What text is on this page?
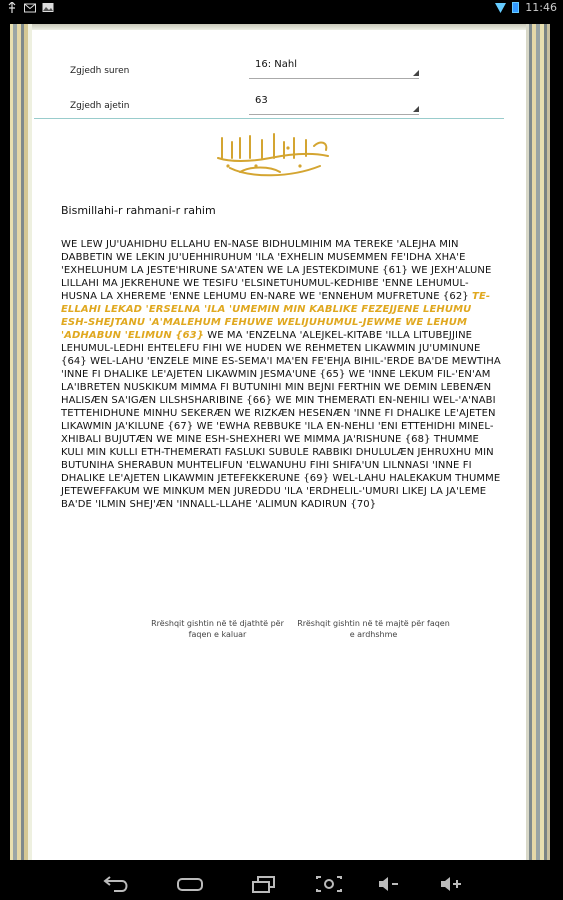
11:46
Zgjedh suren
16: Nahl
Zgjedh ajetin	63
Bismillahi-r rahmani-r rahim
WE LEW JU'UAHIDHU ELLAHU EN-NASE BIDHULMIHIM MA TEREKE 'ALEJHA MIN DABBETIN WE LEKIN JU'UEHHIRUHUM 'ILA 'EXHELIN MUSEMMEN FE'IDHA XHA'E 'EXHELUHUM LA JESTE'HIRUNE SA'ATEN WE LA JESTEKDIMUNE {61} WE JEXH'ALUNE LILLAHI MA JEKREHUNE WE TESIFU 'ELSINETUHUMUL-KEDHIBE 'ENNE LEHUMUL-HUSNA LA XHEREME 'ENNE LEHUMU EN-NARE WE 'ENNEHUM MUFRETUNE {62} TE-ELLAHI LEKAD 'ERSELNA 'ILA 'UMEMIN MIN KABLIKE FEZEJJENE LEHUMU ESH-SHEJTANU 'A'MALEHUM FEHUWE WELIJUHUMUL-JEWME WE LEHUM 'ADHABUN 'ELIMUN {63} WE MA 'ENZELNA 'ALEJKEL-KITABE 'ILLA LITUBEJJINE LEHUMUL-LEDHI EHTELEFU FIHI WE HUDEN WE REHMETEN LIKAWMIN JU'UMINUNE {64} WEL-LAHU 'ENZELE MINE ES-SEMA'I MA'EN FE'EHJA BIHIL-'ERDE BA'DE MEWTIHA 'INNE FI DHALIKE LE'AJETEN LIKAWMIN JESMA'UNE {65} WE 'INNE LEKUM FIL-'EN'AM LA'IBRETEN NUSKIKUM MIMMA FI BUTUNIHI MIN BEJNI FERTHIN WE DEMIN LEBENÆN HALISÆN SA'IGÆN LILSHSHARIBINE {66} WE MIN THEMERATI EN-NEHILI WEL-'A'NABI TETTEHIDHUNE MINHU SEKERÆN WE RIZKÆN HESENÆN 'INNE FI DHALIKE LE'AJETEN LIKAWMIN JA'KILUNE {67} WE 'EWHA REBBUKE 'ILA EN-NEHLI 'ENI ETTEHIDHI MINEL-XHIBALI BUJUTÆN WE MINE ESH-SHEXHERI WE MIMMA JA'RISHUNE {68} THUMME KULI MIN KULLI ETH-THEMERATI FASLUKI SUBULE RABBIKI DHULULÆN JEHRUXHU MIN BUTUNIHA SHERABUN MUHTELIFUN 'ELWANUHU FIHI SHIFA'UN LILNNASI 'INNE FI DHALIKE LE'AJETEN LIKAWMIN JETEFEKKERUNE {69} WEL-LAHU HALEKAKUM THUMME JETEWEFFAKUM WE MINKUM MEN JUREDDU 'ILA 'ERDHELIL-'UMURI LIKEJ LA JA'LEME BA'DE 'ILMIN SHEJ'ÆN 'INNALL-LLAHE 'ALIMUN KADIRUN {70}
Rrëshqit gishtin në të djathtë për faqen e kaluar
Rrëshqit gishtin në të majtë për faqen e ardhshme
